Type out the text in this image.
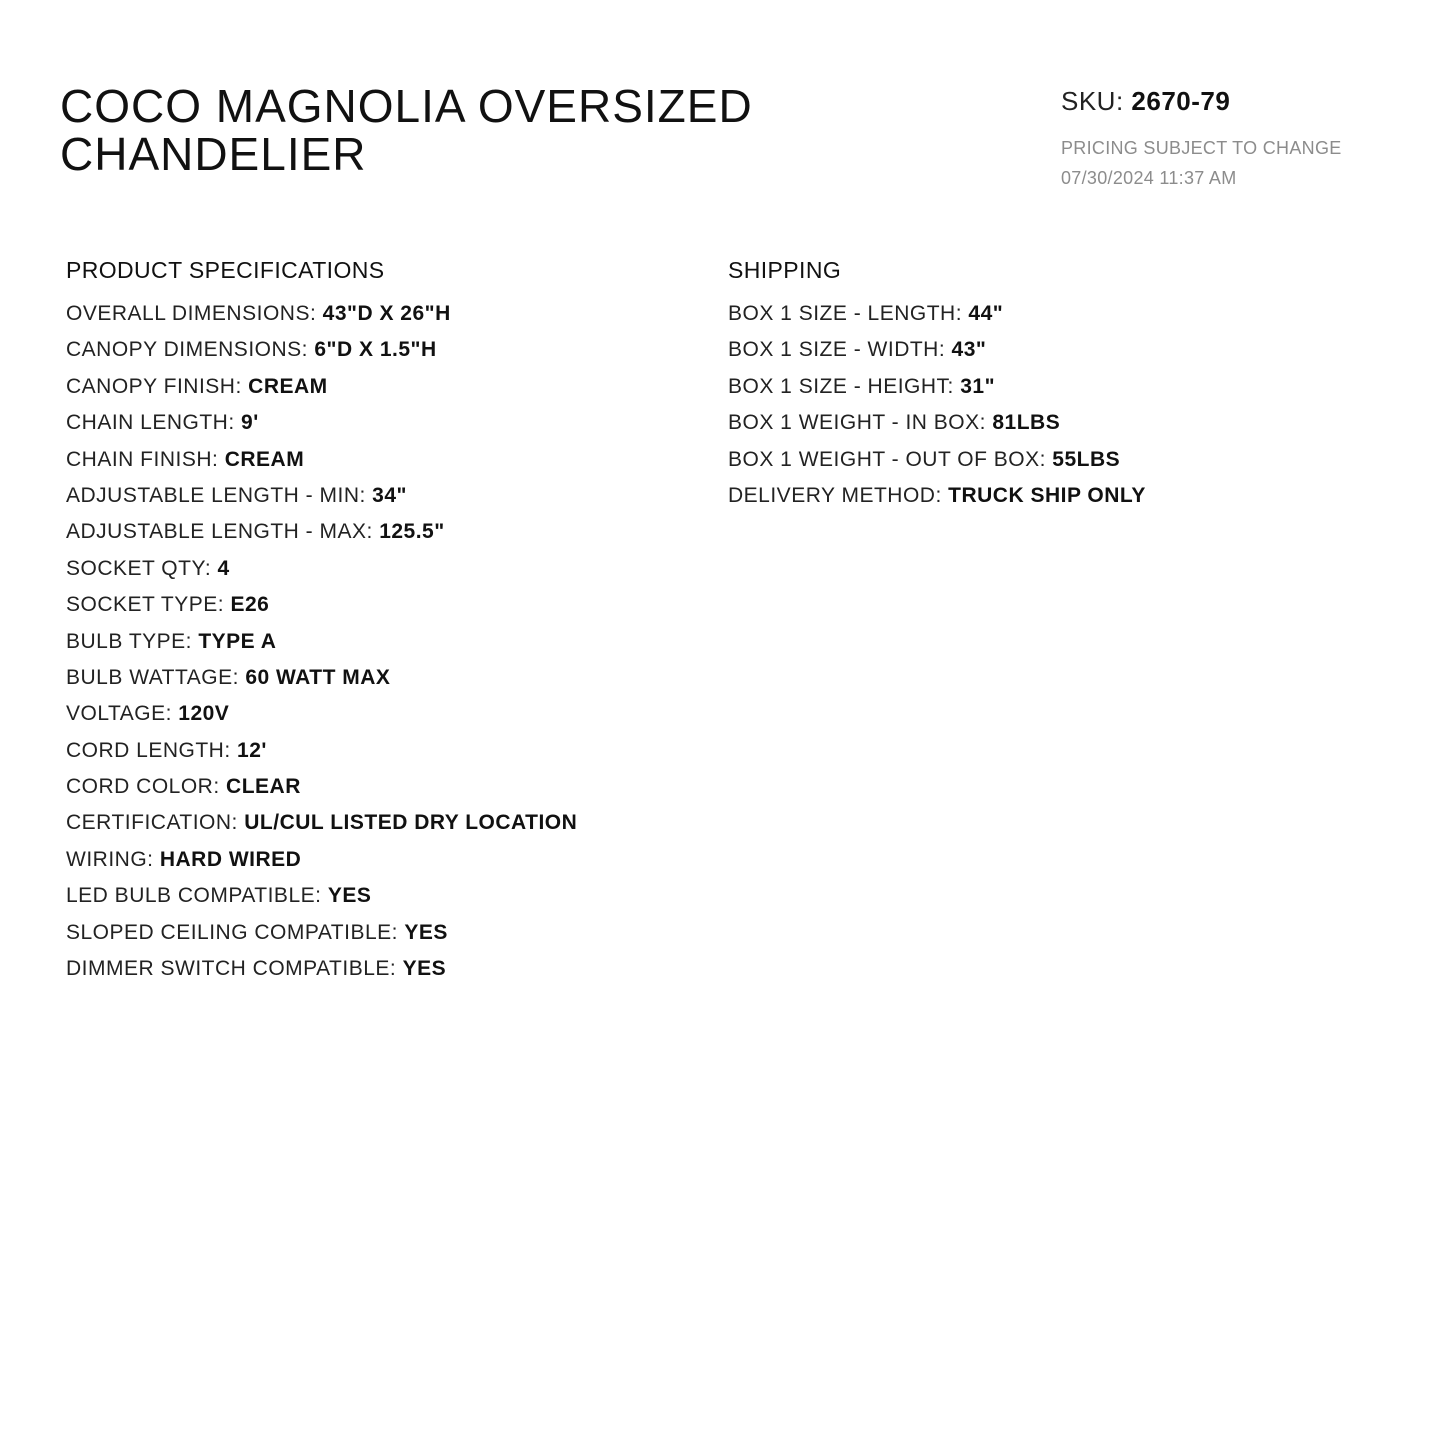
COCO MAGNOLIA OVERSIZED
CHANDELIER
SKU: 2670-79
PRICING SUBJECT TO CHANGE
07/30/2024 11:37 AM
PRODUCT SPECIFICATIONS
OVERALL DIMENSIONS: 43"D X 26"H
CANOPY DIMENSIONS: 6"D X 1.5"H
CANOPY FINISH: CREAM
CHAIN LENGTH: 9'
CHAIN FINISH: CREAM
ADJUSTABLE LENGTH - MIN: 34"
ADJUSTABLE LENGTH - MAX: 125.5"
SOCKET QTY: 4
SOCKET TYPE: E26
BULB TYPE: TYPE A
BULB WATTAGE: 60 WATT MAX
VOLTAGE: 120V
CORD LENGTH: 12'
CORD COLOR: CLEAR
CERTIFICATION: UL/CUL LISTED DRY LOCATION
WIRING: HARD WIRED
LED BULB COMPATIBLE: YES
SLOPED CEILING COMPATIBLE: YES
DIMMER SWITCH COMPATIBLE: YES
SHIPPING
BOX 1 SIZE - LENGTH: 44"
BOX 1 SIZE - WIDTH: 43"
BOX 1 SIZE - HEIGHT: 31"
BOX 1 WEIGHT - IN BOX: 81LBS
BOX 1 WEIGHT - OUT OF BOX: 55LBS
DELIVERY METHOD: TRUCK SHIP ONLY
